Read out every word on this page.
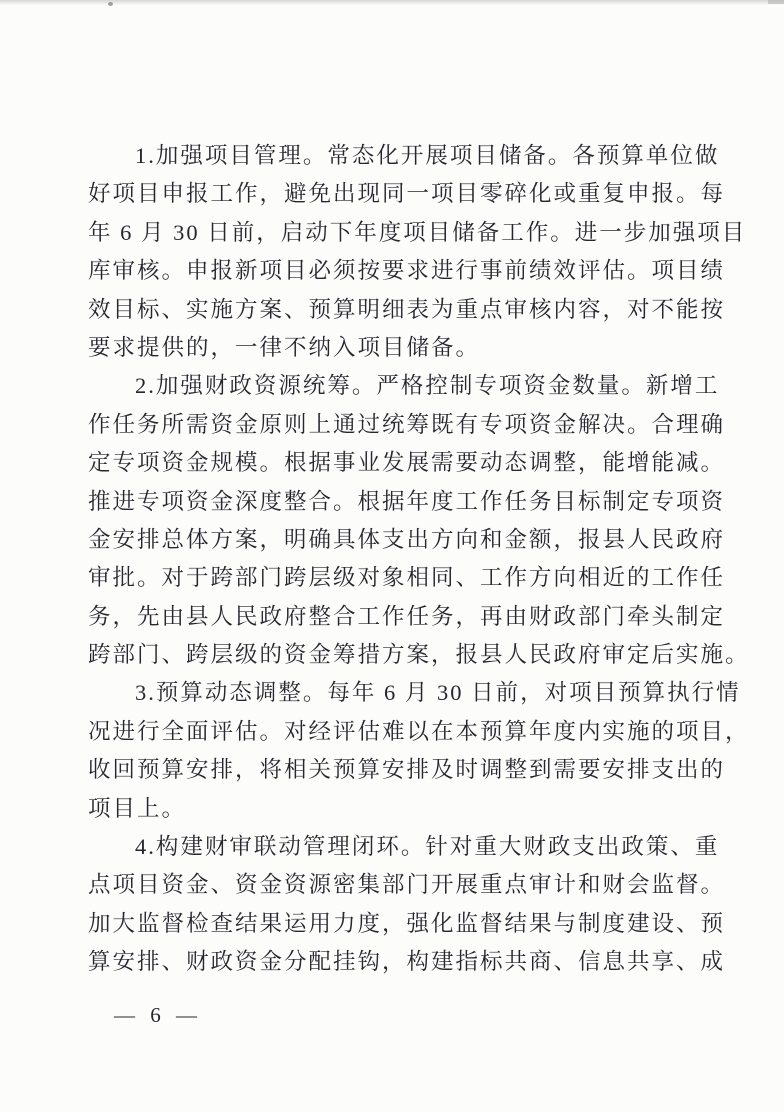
1.加强项目管理。常态化开展项目储备。各预算单位做
好项目申报工作，避免出现同一项目零碎化或重复申报。每
年 6 月 30 日前，启动下年度项目储备工作。进一步加强项目
库审核。申报新项目必须按要求进行事前绩效评估。项目绩
效目标、实施方案、预算明细表为重点审核内容，对不能按
要求提供的，一律不纳入项目储备。
2.加强财政资源统筹。严格控制专项资金数量。新增工
作任务所需资金原则上通过统筹既有专项资金解决。合理确
定专项资金规模。根据事业发展需要动态调整，能增能减。
推进专项资金深度整合。根据年度工作任务目标制定专项资
金安排总体方案，明确具体支出方向和金额，报县人民政府
审批。对于跨部门跨层级对象相同、工作方向相近的工作任
务，先由县人民政府整合工作任务，再由财政部门牵头制定
跨部门、跨层级的资金筹措方案，报县人民政府审定后实施。
3.预算动态调整。每年 6 月 30 日前，对项目预算执行情
况进行全面评估。对经评估难以在本预算年度内实施的项目，
收回预算安排，将相关预算安排及时调整到需要安排支出的
项目上。
4.构建财审联动管理闭环。针对重大财政支出政策、重
点项目资金、资金资源密集部门开展重点审计和财会监督。
加大监督检查结果运用力度，强化监督结果与制度建设、预
算安排、财政资金分配挂钩，构建指标共商、信息共享、成
— 6 —
